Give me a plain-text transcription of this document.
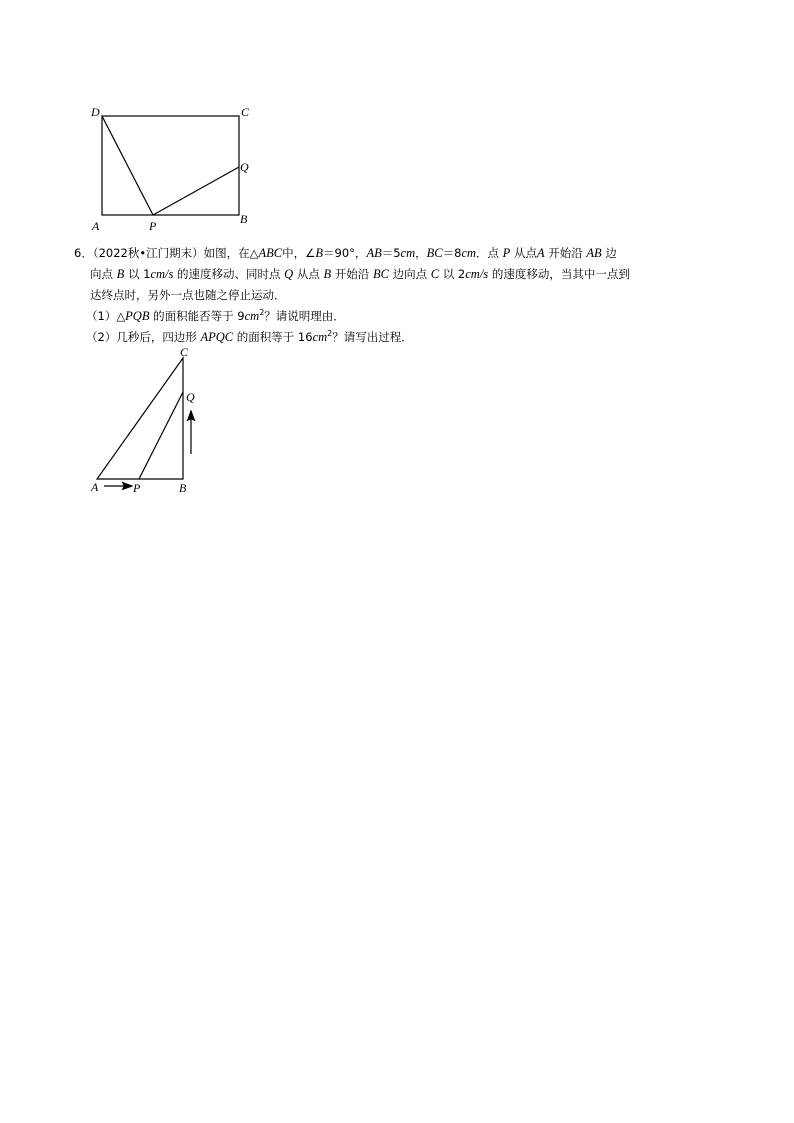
D	C
Q
A	P	B

6．（2022秋•江门期末）如图，在△ABC中，∠B＝90°，AB＝5cm，BC＝8cm．点 P 从点A 开始沿 AB 边

向点 B 以 1cm/s 的速度移动、同时点 Q 从点 B 开始沿 BC 边向点 C 以 2cm/s 的速度移动，当其中一点到

达终点时，另外一点也随之停止运动．

（1）△PQB 的面积能否等于 $9cm^2$？请说明理由．

（2）几秒后，四边形 APQC 的面积等于 $16cm^2$？请写出过程．

C
Q
A	P	B
